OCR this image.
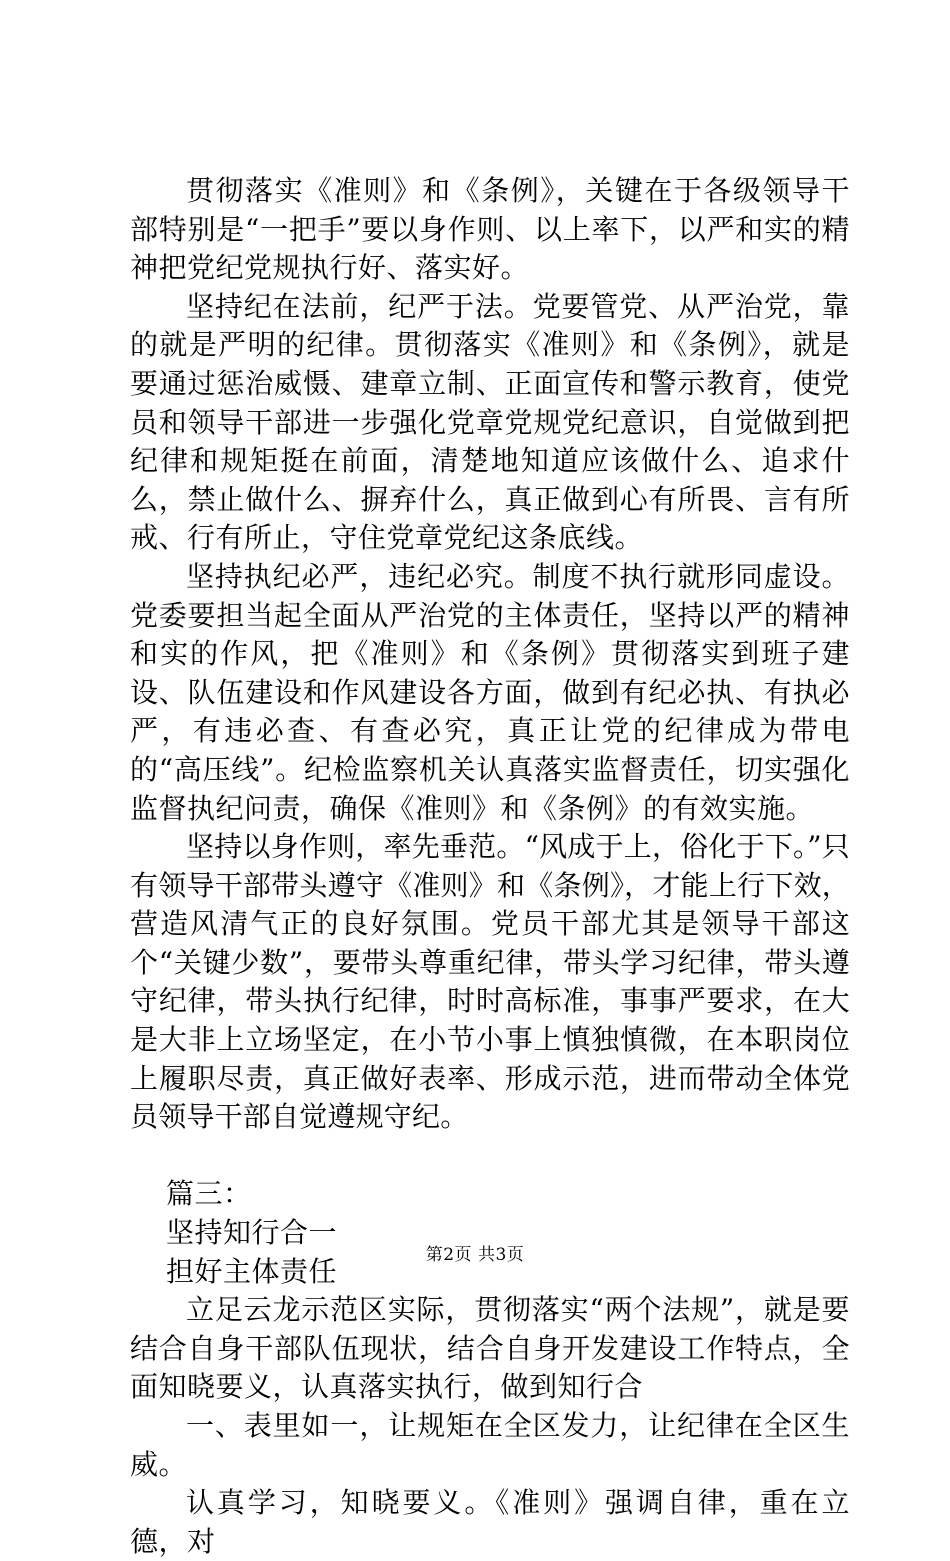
贯彻落实《准则》和《条例》，关键在于各级领导干部特别是“一把手”要以身作则、以上率下，以严和实的精神把党纪党规执行好、落实好。

坚持纪在法前，纪严于法。党要管党、从严治党，靠的就是严明的纪律。贯彻落实《准则》和《条例》，就是要通过惩治威慑、建章立制、正面宣传和警示教育，使党员和领导干部进一步强化党章党规党纪意识，自觉做到把纪律和规矩挺在前面，清楚地知道应该做什么、追求什么，禁止做什么、摒弃什么，真正做到心有所畏、言有所戒、行有所止，守住党章党纪这条底线。

坚持执纪必严，违纪必究。制度不执行就形同虚设。党委要担当起全面从严治党的主体责任，坚持以严的精神和实的作风，把《准则》和《条例》贯彻落实到班子建设、队伍建设和作风建设各方面，做到有纪必执、有执必严，有违必查、有查必究，真正让党的纪律成为带电的“高压线”。纪检监察机关认真落实监督责任，切实强化监督执纪问责，确保《准则》和《条例》的有效实施。

坚持以身作则，率先垂范。“风成于上，俗化于下。”只有领导干部带头遵守《准则》和《条例》，才能上行下效，营造风清气正的良好氛围。党员干部尤其是领导干部这个“关键少数”，要带头尊重纪律，带头学习纪律，带头遵守纪律，带头执行纪律，时时高标准，事事严要求，在大是大非上立场坚定，在小节小事上慎独慎微，在本职岗位上履职尽责，真正做好表率、形成示范，进而带动全体党员领导干部自觉遵规守纪。

篇三：

坚持知行合一

担好主体责任

立足云龙示范区实际，贯彻落实“两个法规”，就是要结合自身干部队伍现状，结合自身开发建设工作特点，全面知晓要义，认真落实执行，做到知行合

一、表里如一，让规矩在全区发力，让纪律在全区生威。

认真学习，知晓要义。《准则》强调自律，重在立德，对

第2页 共3页
